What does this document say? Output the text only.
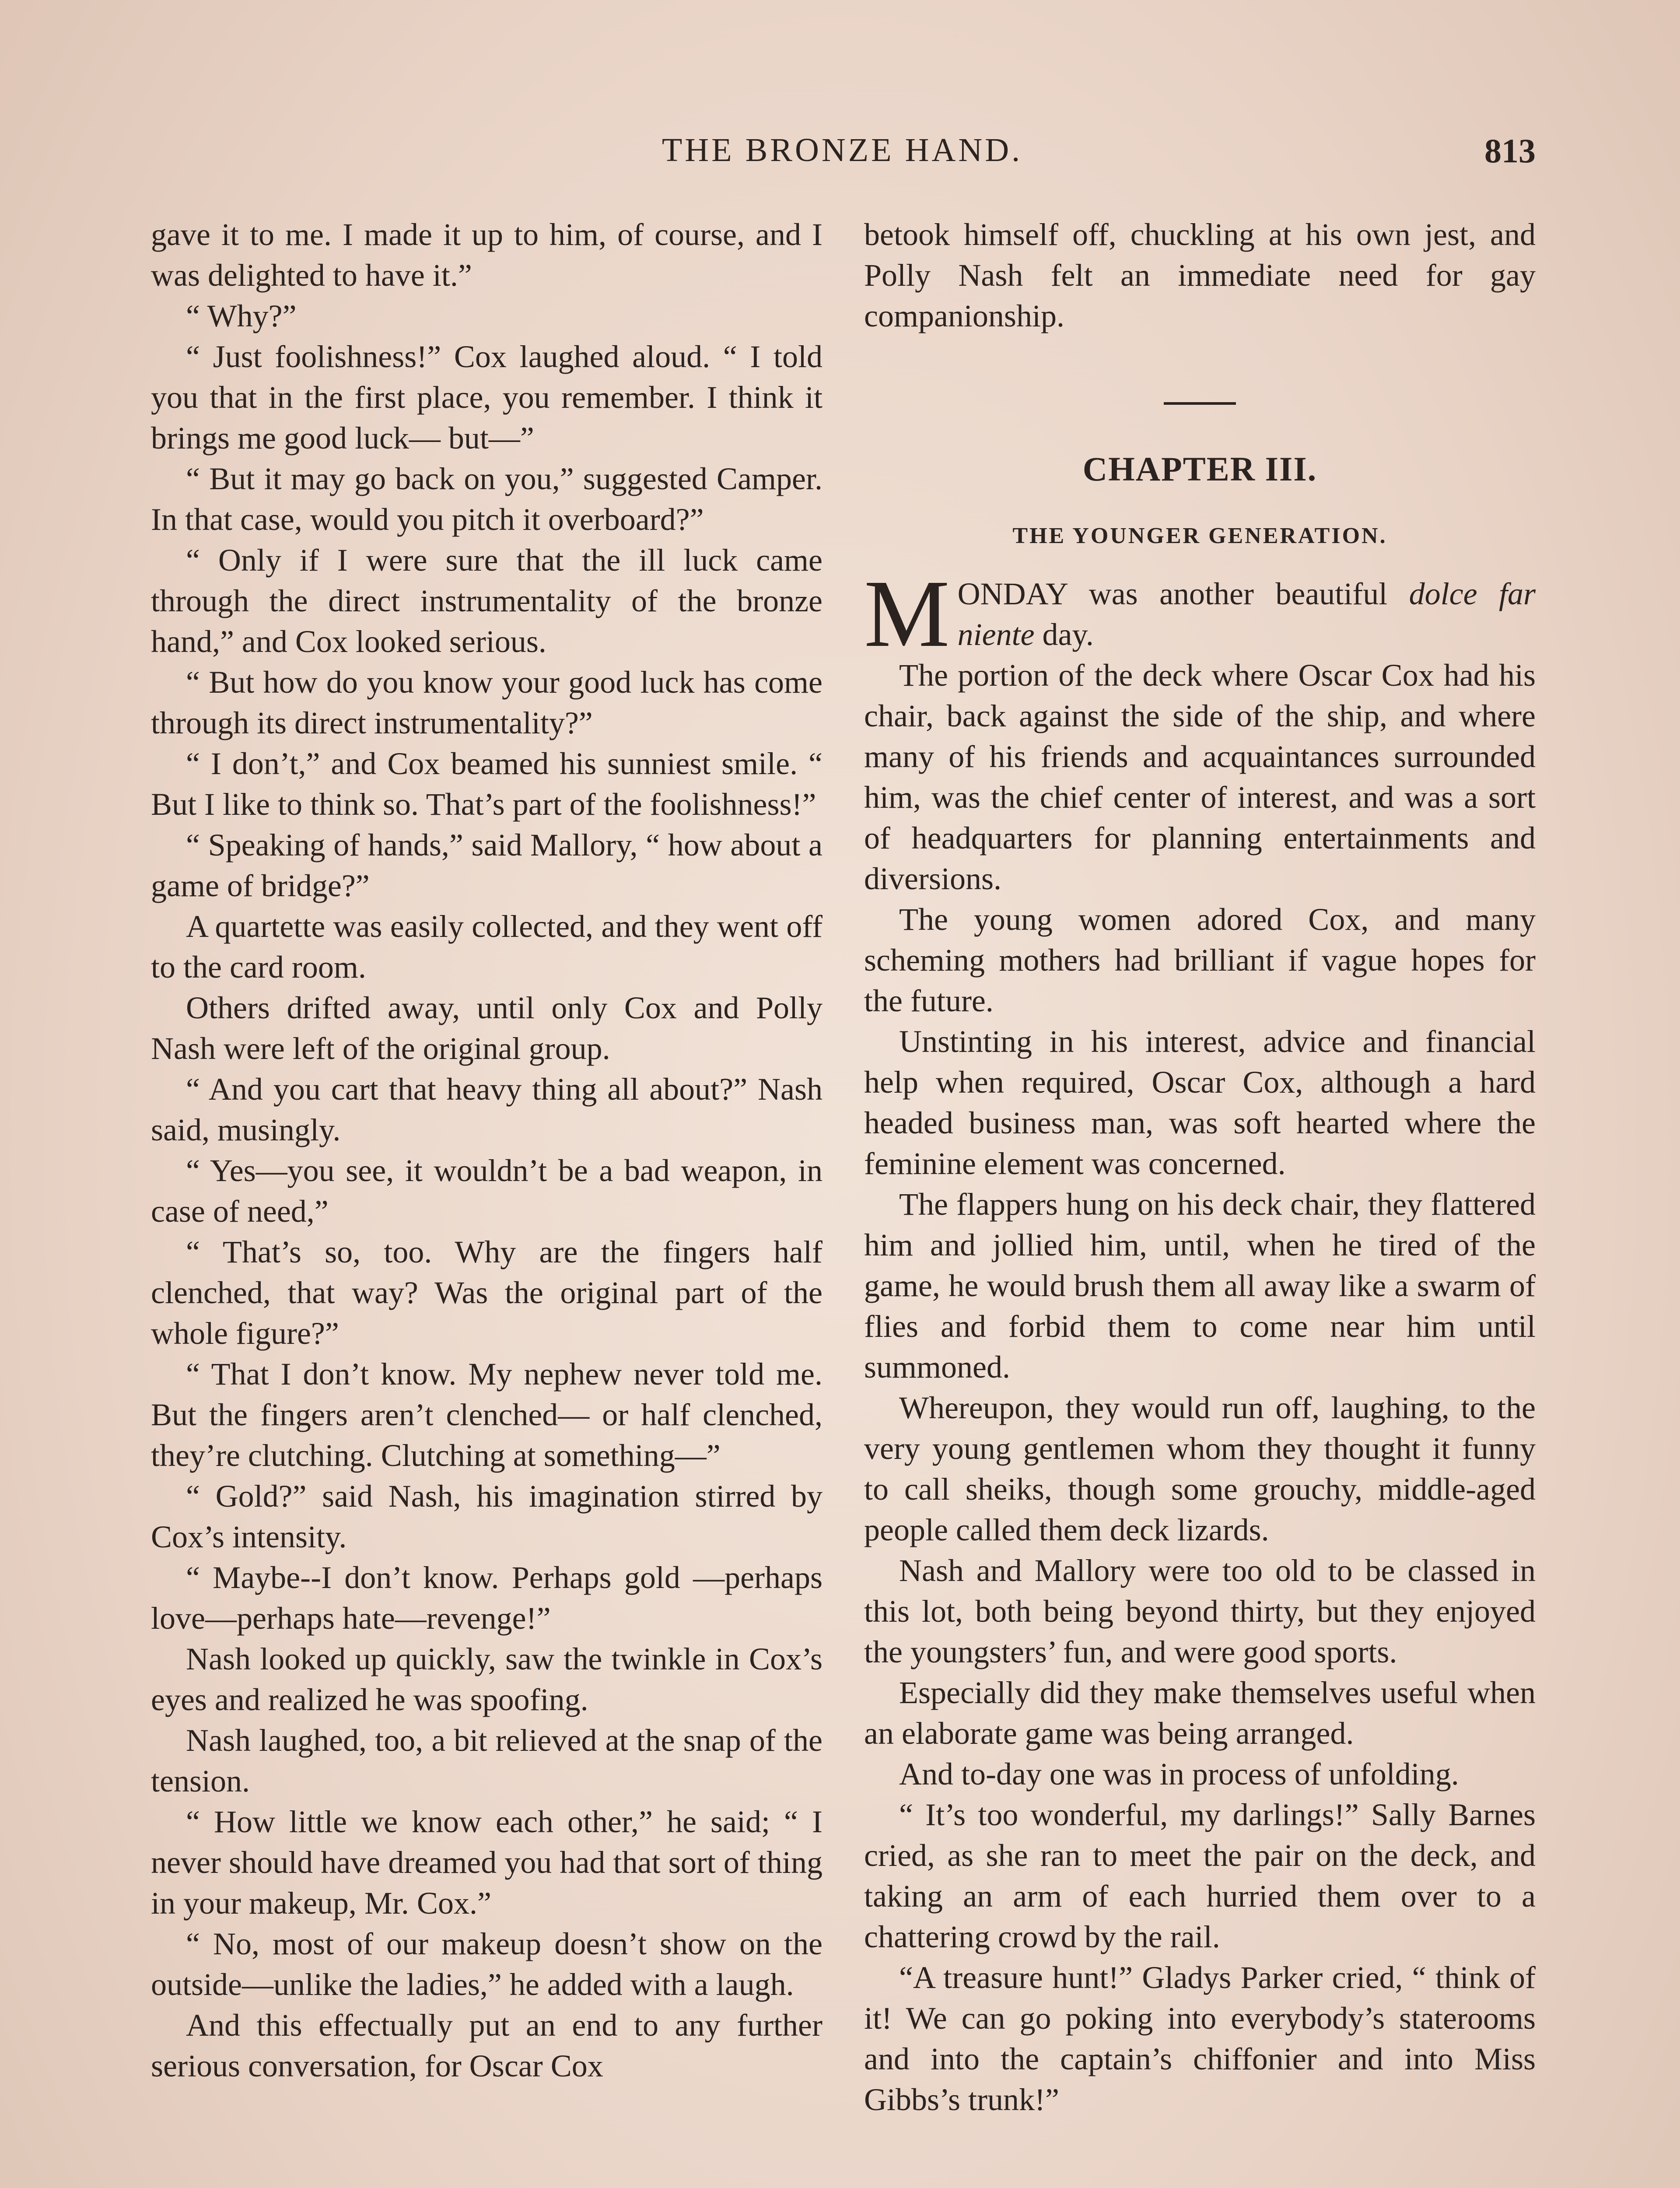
THE BRONZE HAND.	813

gave it to me. I made it up to him, of course, and I was delighted to have it.”

“ Why?”

“ Just foolishness!” Cox laughed aloud. “ I told you that in the first place, you remember. I think it brings me good luck— but—”

“ But it may go back on you,” suggested Camper. In that case, would you pitch it overboard?”

“ Only if I were sure that the ill luck came through the direct instrumentality of the bronze hand,” and Cox looked serious.

“ But how do you know your good luck has come through its direct instrumentality?”

“ I don’t,” and Cox beamed his sunniest smile. “ But I like to think so. That’s part of the foolishness!”

“ Speaking of hands,” said Mallory, “ how about a game of bridge?”

A quartette was easily collected, and they went off to the card room.

Others drifted away, until only Cox and Polly Nash were left of the original group.

“ And you cart that heavy thing all about?” Nash said, musingly.

“ Yes—you see, it wouldn’t be a bad weapon, in case of need,”

“ That’s so, too. Why are the fingers half clenched, that way? Was the original part of the whole figure?”

“ That I don’t know. My nephew never told me. But the fingers aren’t clenched— or half clenched, they’re clutching. Clutching at something—”

“ Gold?” said Nash, his imagination stirred by Cox’s intensity.

“ Maybe--I don’t know. Perhaps gold —perhaps love—perhaps hate—revenge!”

Nash looked up quickly, saw the twinkle in Cox’s eyes and realized he was spoofing.

Nash laughed, too, a bit relieved at the snap of the tension.

“ How little we know each other,” he said; “ I never should have dreamed you had that sort of thing in your makeup, Mr. Cox.”

“ No, most of our makeup doesn’t show on the outside—unlike the ladies,” he added with a laugh.

And this effectually put an end to any further serious conversation, for Oscar Cox

betook himself off, chuckling at his own jest, and Polly Nash felt an immediate need for gay companionship.

CHAPTER III.
THE YOUNGER GENERATION.

MONDAY was another beautiful dolce far niente day.

The portion of the deck where Oscar Cox had his chair, back against the side of the ship, and where many of his friends and acquaintances surrounded him, was the chief center of interest, and was a sort of headquarters for planning entertainments and diversions.

The young women adored Cox, and many scheming mothers had brilliant if vague hopes for the future.

Unstinting in his interest, advice and financial help when required, Oscar Cox, although a hard headed business man, was soft hearted where the feminine element was concerned.

The flappers hung on his deck chair, they flattered him and jollied him, until, when he tired of the game, he would brush them all away like a swarm of flies and forbid them to come near him until summoned.

Whereupon, they would run off, laughing, to the very young gentlemen whom they thought it funny to call sheiks, though some grouchy, middle-aged people called them deck lizards.

Nash and Mallory were too old to be classed in this lot, both being beyond thirty, but they enjoyed the youngsters’ fun, and were good sports.

Especially did they make themselves useful when an elaborate game was being arranged.

And to-day one was in process of unfolding.

“ It’s too wonderful, my darlings!” Sally Barnes cried, as she ran to meet the pair on the deck, and taking an arm of each hurried them over to a chattering crowd by the rail.

“A treasure hunt!” Gladys Parker cried, “ think of it! We can go poking into everybody’s staterooms and into the captain’s chiffonier and into Miss Gibbs’s trunk!”
